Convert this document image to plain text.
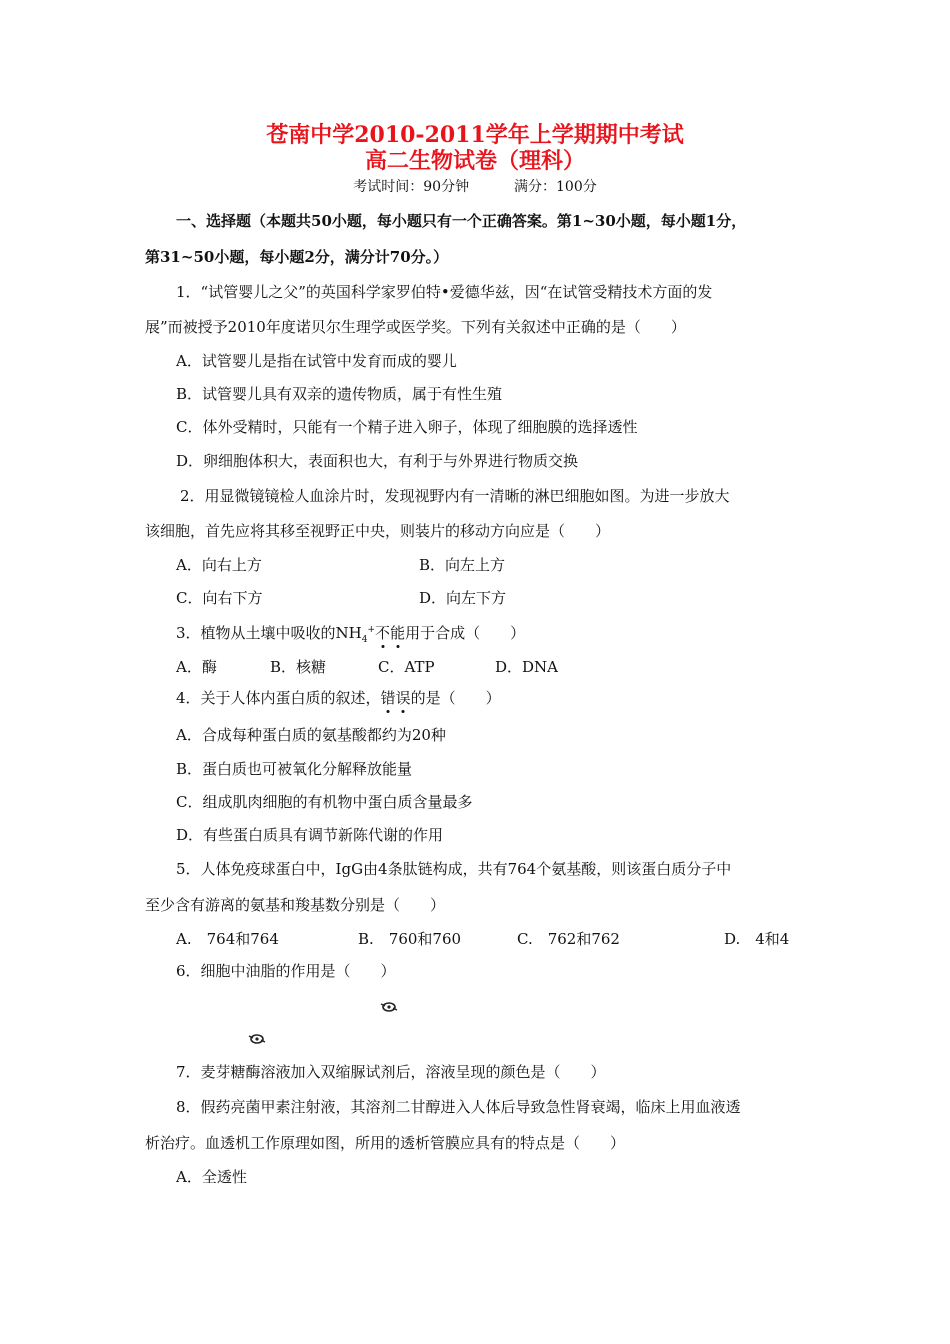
苍南中学2010-2011学年上学期期中考试
高二生物试卷（理科）
考试时间：90分钟	满分：100分
一、选择题（本题共50小题，每小题只有一个正确答案。第1~30小题，每小题1分，
第31~50小题，每小题2分，满分计70分。）
1．“试管婴儿之父”的英国科学家罗伯特•爱德华兹，因“在试管受精技术方面的发
展”而被授予2010年度诺贝尔生理学或医学奖。下列有关叙述中正确的是（　　）
A．试管婴儿是指在试管中发育而成的婴儿
B．试管婴儿具有双亲的遗传物质，属于有性生殖
C．体外受精时，只能有一个精子进入卵子，体现了细胞膜的选择透性
D．卵细胞体积大，表面积也大，有利于与外界进行物质交换
2．用显微镜镜检人血涂片时，发现视野内有一清晰的淋巴细胞如图。为进一步放大
该细胞，首先应将其移至视野正中央，则装片的移动方向应是（　　）
A．向右上方	B．向左上方
C．向右下方	D．向左下方
3．植物从土壤中吸收的$NH_4^+$不能用于合成（　　）
A．酶	B．核糖	C．ATP	D．DNA
4．关于人体内蛋白质的叙述，错误的是（　　）
A．合成每种蛋白质的氨基酸都约为20种
B．蛋白质也可被氧化分解释放能量
C．组成肌肉细胞的有机物中蛋白质含量最多
D．有些蛋白质具有调节新陈代谢的作用
5．人体免疫球蛋白中，IgG由4条肽链构成，共有764个氨基酸，则该蛋白质分子中
至少含有游离的氨基和羧基数分别是（　　）
A.　764和764	B.　760和760	C.　762和762	D.　4和4
6．细胞中油脂的作用是（　　）
7．麦芽糖酶溶液加入双缩脲试剂后，溶液呈现的颜色是（　　）
8．假药亮菌甲素注射液，其溶剂二甘醇进入人体后导致急性肾衰竭，临床上用血液透
析治疗。血透机工作原理如图，所用的透析管膜应具有的特点是（　　）
A．全透性
